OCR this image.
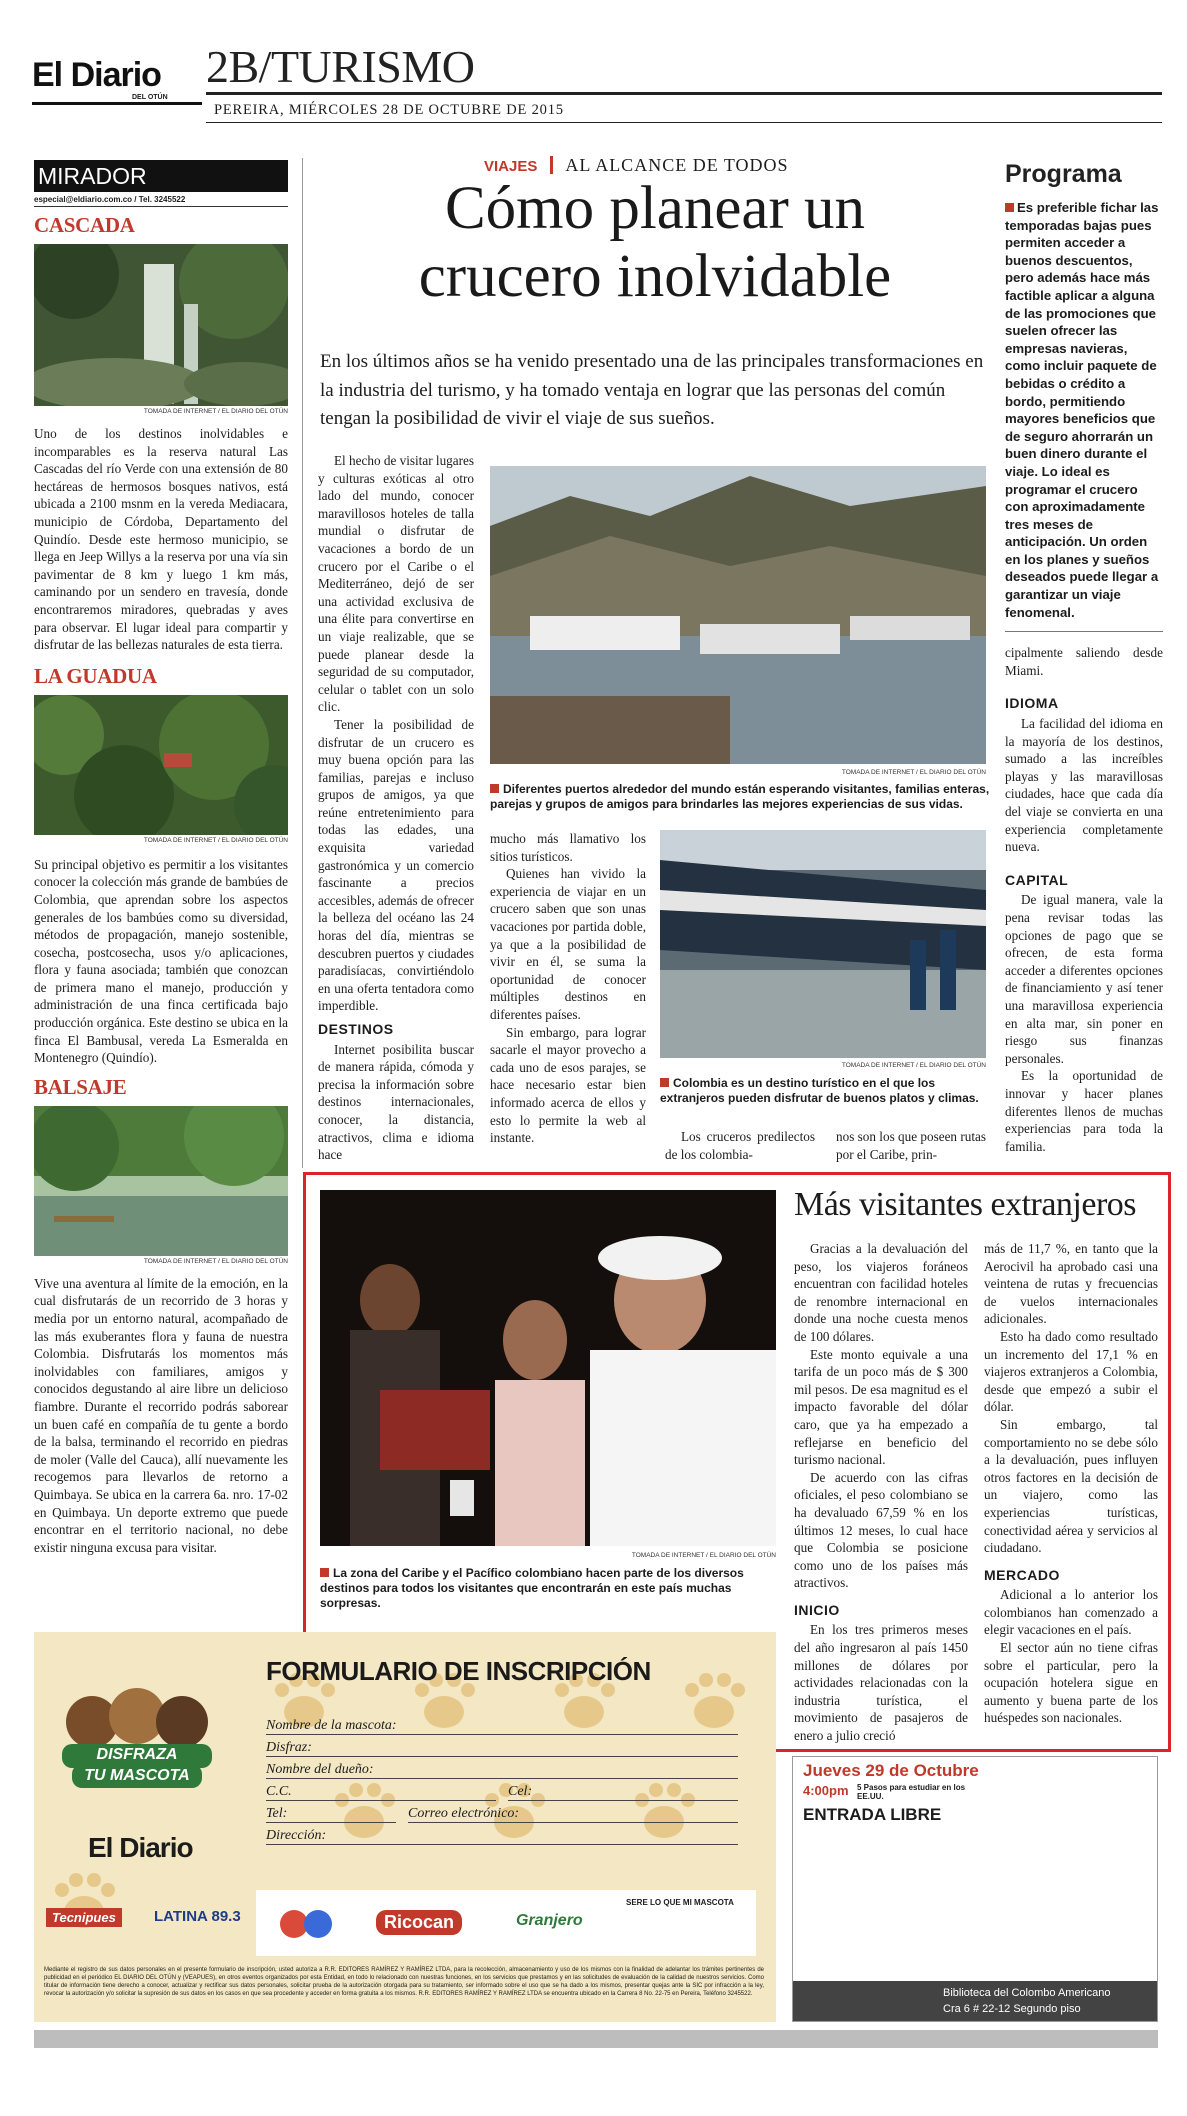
El Diario
DEL OTÚN
2B/TURISMO
PEREIRA, MIÉRCOLES 28 DE OCTUBRE DE 2015
MIRADOR
especial@eldiario.com.co / Tel. 3245522
CASCADA
TOMADA DE INTERNET / EL DIARIO DEL OTÚN

Uno de los destinos inolvidables e incomparables es la reserva natural Las Cascadas del río Verde con una extensión de 80 hectáreas de hermosos bosques nativos, está ubicada a 2100 msnm en la vereda Mediacara, municipio de Córdoba, Departamento del Quindío. Desde este hermoso municipio, se llega en Jeep Willys a la reserva por una vía sin pavimentar de 8 km y luego 1 km más, caminando por un sendero en travesía, donde encontraremos miradores, quebradas y aves para observar. El lugar ideal para compartir y disfrutar de las bellezas naturales de esta tierra.

LA GUADUA
TOMADA DE INTERNET / EL DIARIO DEL OTÚN

Su principal objetivo es permitir a los visitantes conocer la colección más grande de bambúes de Colombia, que aprendan sobre los aspectos generales de los bambúes como su diversidad, métodos de propagación, manejo sostenible, cosecha, postcosecha, usos y/o aplicaciones, flora y fauna asociada; también que conozcan de primera mano el manejo, producción y administración de una finca certificada bajo producción orgánica. Este destino se ubica en la finca El Bambusal, vereda La Esmeralda en Montenegro (Quindío).

BALSAJE
TOMADA DE INTERNET / EL DIARIO DEL OTÚN

Vive una aventura al límite de la emoción, en la cual disfrutarás de un recorrido de 3 horas y media por un entorno natural, acompañado de las más exuberantes flora y fauna de nuestra Colombia. Disfrutarás los momentos más inolvidables con familiares, amigos y conocidos degustando al aire libre un delicioso fiambre. Durante el recorrido podrás saborear un buen café en compañía de tu gente a bordo de la balsa, terminando el recorrido en piedras de moler (Valle del Cauca), allí nuevamente les recogemos para llevarlos de retorno a Quimbaya. Se ubica en la carrera 6a. nro. 17-02 en Quimbaya. Un deporte extremo que puede encontrar en el territorio nacional, no debe existir ninguna excusa para visitar.

VIAJES AL ALCANCE DE TODOS
Cómo planear un
crucero inolvidable
En los últimos años se ha venido presentado una de las principales transformaciones en la industria del turismo, y ha tomado ventaja en lograr que las personas del común tengan la posibilidad de vivir el viaje de sus sueños.

El hecho de visitar lugares y culturas exóticas al otro lado del mundo, conocer maravillosos hoteles de talla mundial o disfrutar de vacaciones a bordo de un crucero por el Caribe o el Mediterráneo, dejó de ser una actividad exclusiva de una élite para convertirse en un viaje realizable, que se puede planear desde la seguridad de su computador, celular o tablet con un solo clic.

Tener la posibilidad de disfrutar de un crucero es muy buena opción para las familias, parejas e incluso grupos de amigos, ya que reúne entretenimiento para todas las edades, una exquisita variedad gastronómica y un comercio fascinante a precios accesibles, además de ofrecer la belleza del océano las 24 horas del día, mientras se descubren puertos y ciudades paradisíacas, convirtiéndolo en una oferta tentadora como imperdible.

DESTINOS

Internet posibilita buscar de manera rápida, cómoda y precisa la información sobre destinos internacionales, conocer, la distancia, atractivos, clima e idioma hace

TOMADA DE INTERNET / EL DIARIO DEL OTÚN
Diferentes puertos alrededor del mundo están esperando visitantes, familias enteras, parejas y grupos de amigos para brindarles las mejores experiencias de sus vidas.

mucho más llamativo los sitios turísticos.

Quienes han vivido la experiencia de viajar en un crucero saben que son unas vacaciones por partida doble, ya que a la posibilidad de vivir en él, se suma la oportunidad de conocer múltiples destinos en diferentes países.

Sin embargo, para lograr sacarle el mayor provecho a cada uno de esos parajes, se hace necesario estar bien informado acerca de ellos y esto lo permite la web al instante.

TOMADA DE INTERNET / EL DIARIO DEL OTÚN
Colombia es un destino turístico en el que los extranjeros pueden disfrutar de buenos platos y climas.

Los cruceros predilectos de los colombia-

nos son los que poseen rutas por el Caribe, prin-

Programa
Es preferible fichar las temporadas bajas pues permiten acceder a buenos descuentos, pero además hace más factible aplicar a alguna de las promociones que suelen ofrecer las empresas navieras, como incluir paquete de bebidas o crédito a bordo, permitiendo mayores beneficios que de seguro ahorrarán un buen dinero durante el viaje. Lo ideal es programar el crucero con aproximadamente tres meses de anticipación. Un orden en los planes y sueños deseados puede llegar a garantizar un viaje fenomenal.

cipalmente saliendo desde Miami.

IDIOMA

La facilidad del idioma en la mayoría de los destinos, sumado a las increíbles playas y las maravillosas ciudades, hace que cada día del viaje se convierta en una experiencia completamente nueva.

CAPITAL

De igual manera, vale la pena revisar todas las opciones de pago que se ofrecen, de esta forma acceder a diferentes opciones de financiamiento y así tener una maravillosa experiencia en alta mar, sin poner en riesgo sus finanzas personales.

Es la oportunidad de innovar y hacer planes diferentes llenos de muchas experiencias para toda la familia.

TOMADA DE INTERNET / EL DIARIO DEL OTÚN
La zona del Caribe y el Pacífico colombiano hacen parte de los diversos destinos para todos los visitantes que encontrarán en este país muchas sorpresas.
Más visitantes extranjeros

Gracias a la devaluación del peso, los viajeros foráneos encuentran con facilidad hoteles de renombre internacional en donde una noche cuesta menos de 100 dólares.

Este monto equivale a una tarifa de un poco más de $ 300 mil pesos. De esa magnitud es el impacto favorable del dólar caro, que ya ha empezado a reflejarse en beneficio del turismo nacional.

De acuerdo con las cifras oficiales, el peso colombiano se ha devaluado 67,59 % en los últimos 12 meses, lo cual hace que Colombia se posicione como uno de los países más atractivos.

INICIO

En los tres primeros meses del año ingresaron al país 1450 millones de dólares por actividades relacionadas con la industria turística, el movimiento de pasajeros de enero a julio creció

más de 11,7 %, en tanto que la Aerocivil ha aprobado casi una veintena de rutas y frecuencias de vuelos internacionales adicionales.

Esto ha dado como resultado un incremento del 17,1 % en viajeros extranjeros a Colombia, desde que empezó a subir el dólar.

Sin embargo, tal comportamiento no se debe sólo a la devaluación, pues influyen otros factores en la decisión de un viajero, como las experiencias turísticas, conectividad aérea y servicios al ciudadano.

MERCADO

Adicional a lo anterior los colombianos han comenzado a elegir vacaciones en el país.

El sector aún no tiene cifras sobre el particular, pero la ocupación hotelera sigue en aumento y buena parte de los huéspedes son nacionales.

DISFRAZA
TU MASCOTA
El Diario
FORMULARIO DE INSCRIPCIÓN
Nombre de la mascota:
Disfraz:
Nombre del dueño:
C.C.	Cel:
Tel:	Correo electrónico:
Dirección:
Tecnipues	LATINA 89.3	Ricocan	Granjero
SERE LO QUE MI MASCOTA
Mediante el registro de sus datos personales en el presente formulario de inscripción, usted autoriza a R.R. EDITORES RAMÍREZ Y RAMÍREZ LTDA, para la recolección, almacenamiento y uso de los mismos con la finalidad de adelantar los trámites pertinentes de publicidad en el periódico EL DIARIO DEL OTÚN y (VEAPUES), en otros eventos organizados por esta Entidad, en todo lo relacionado con nuestras funciones, en los servicios que prestamos y en las solicitudes de evaluación de la calidad de nuestros servicios. Como titular de información tiene derecho a conocer, actualizar y rectificar sus datos personales, solicitar prueba de la autorización otorgada para su tratamiento, ser informado sobre el uso que se ha dado a los mismos, presentar quejas ante la SIC por infracción a la ley, revocar la autorización y/o solicitar la supresión de sus datos en los casos en que sea procedente y acceder en forma gratuita a los mismos. R.R. EDITORES RAMÍREZ Y RAMÍREZ LTDA se encuentra ubicado en la Carrera 8 No. 22-75 en Pereira, Teléfono 3245522.
Jueves 29 de Octubre
4:00pm 5 Pasos para estudiar en los EE.UU.
ENTRADA LIBRE
Biblioteca del Colombo Americano
Cra 6 # 22-12 Segundo piso
